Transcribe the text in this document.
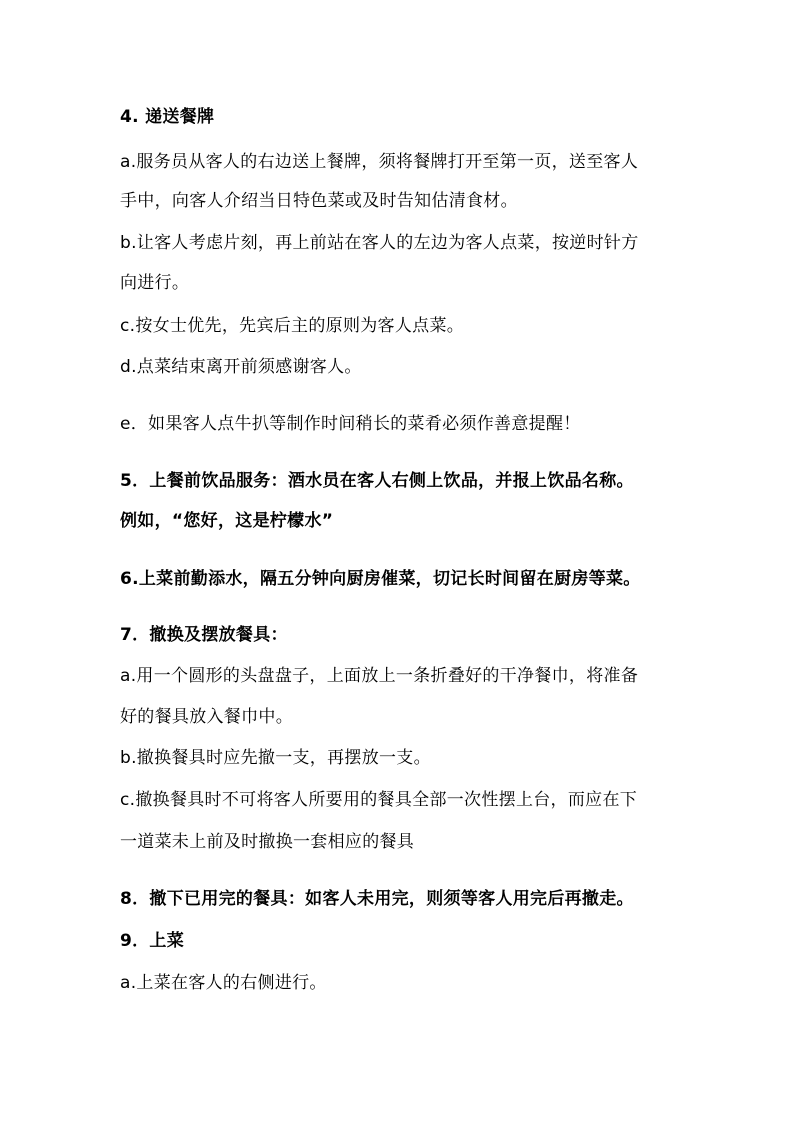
4. 递送餐牌
a.服务员从客人的右边送上餐牌，须将餐牌打开至第一页，送至客人
手中，向客人介绍当日特色菜或及时告知估清食材。
b.让客人考虑片刻，再上前站在客人的左边为客人点菜，按逆时针方
向进行。
c.按女士优先，先宾后主的原则为客人点菜。
d.点菜结束离开前须感谢客人。
e．如果客人点牛扒等制作时间稍长的菜肴必须作善意提醒！
5．上餐前饮品服务：酒水员在客人右侧上饮品，并报上饮品名称。
例如，“您好，这是柠檬水”
6.上菜前勤添水，隔五分钟向厨房催菜，切记长时间留在厨房等菜。
7．撤换及摆放餐具：
a.用一个圆形的头盘盘子，上面放上一条折叠好的干净餐巾，将准备
好的餐具放入餐巾中。
b.撤换餐具时应先撤一支，再摆放一支。
c.撤换餐具时不可将客人所要用的餐具全部一次性摆上台，而应在下
一道菜未上前及时撤换一套相应的餐具
8．撤下已用完的餐具：如客人未用完，则须等客人用完后再撤走。
9．上菜
a.上菜在客人的右侧进行。
